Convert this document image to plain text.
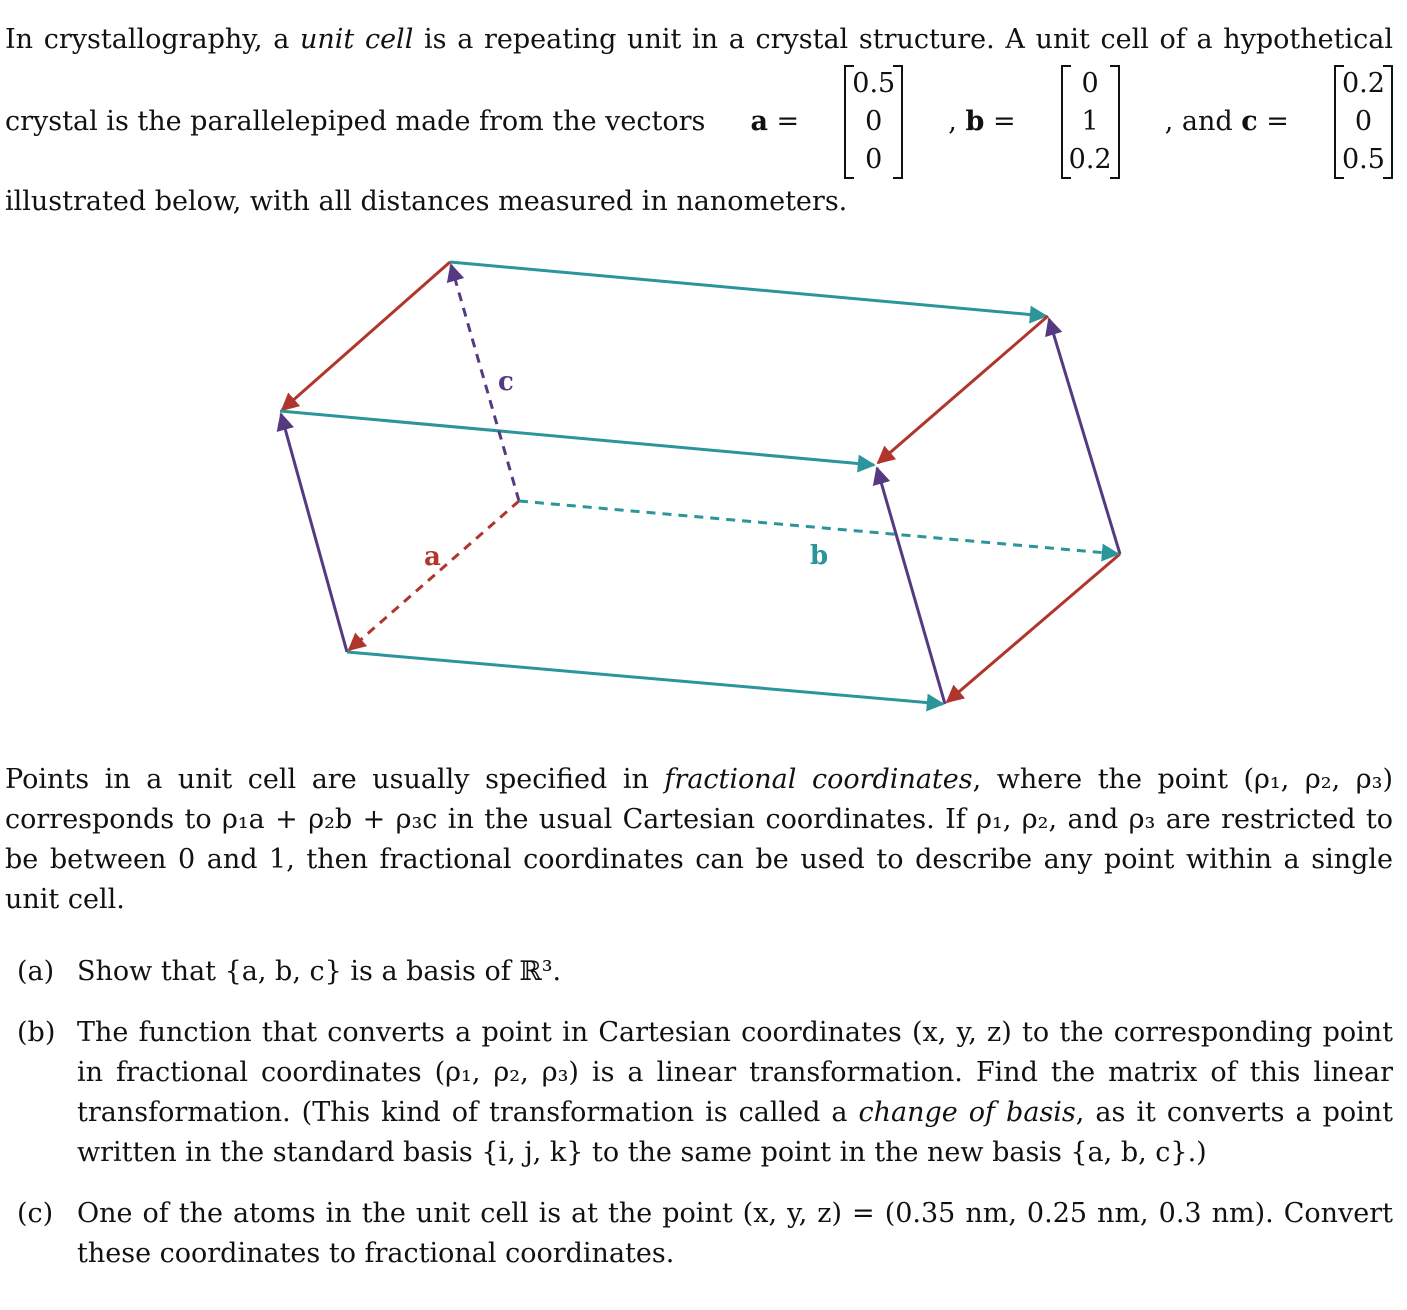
In crystallography, a unit cell is a repeating unit in a crystal structure. A unit cell of a hypothetical

crystal is the parallelepiped made from the vectors a =
0.5
0
0
, b =
0
1
0.2
, and c =
0.2
0
0.5

illustrated below, with all distances measured in nanometers.

c
a	b

Points in a unit cell are usually specified in fractional coordinates, where the point (ρ₁, ρ₂, ρ₃) corresponds to ρ₁a + ρ₂b + ρ₃c in the usual Cartesian coordinates. If ρ₁, ρ₂, and ρ₃ are restricted to be between 0 and 1, then fractional coordinates can be used to describe any point within a single unit cell.

(a) Show that {a, b, c} is a basis of ℝ³.
(b) The function that converts a point in Cartesian coordinates (x, y, z) to the corresponding point in fractional coordinates (ρ₁, ρ₂, ρ₃) is a linear transformation. Find the matrix of this linear transformation. (This kind of transformation is called a change of basis, as it converts a point written in the standard basis {i, j, k} to the same point in the new basis {a, b, c}.)
(c) One of the atoms in the unit cell is at the point (x, y, z) = (0.35 nm, 0.25 nm, 0.3 nm). Convert these coordinates to fractional coordinates.
